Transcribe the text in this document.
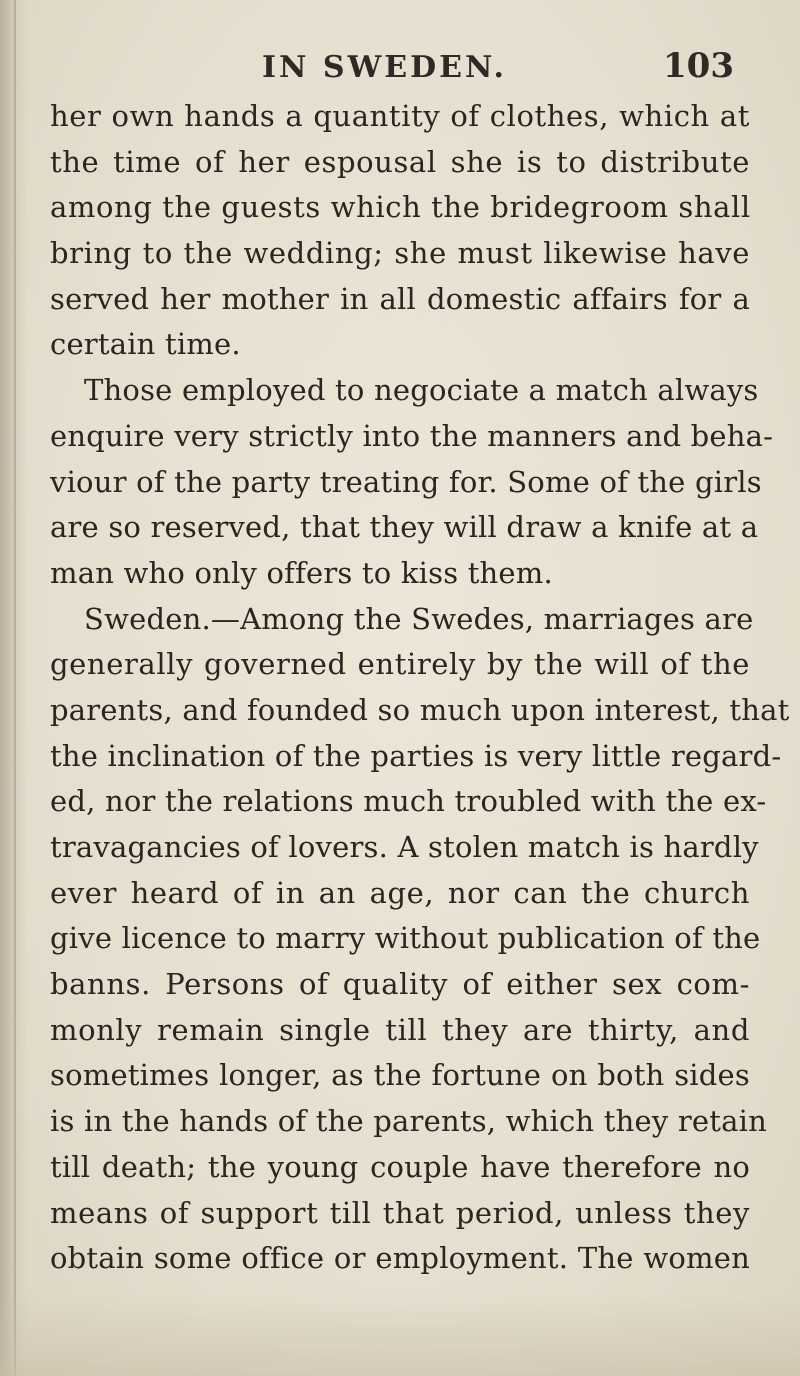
IN SWEDEN.	103
her own hands a quantity of clothes, which at
the time of her espousal she is to distribute
among the guests which the bridegroom shall
bring to the wedding; she must likewise have
served her mother in all domestic affairs for a
certain time.
Those employed to negociate a match always
enquire very strictly into the manners and beha-
viour of the party treating for. Some of the girls
are so reserved, that they will draw a knife at a
man who only offers to kiss them.
Sweden.—Among the Swedes, marriages are
generally governed entirely by the will of the
parents, and founded so much upon interest, that
the inclination of the parties is very little regard-
ed, nor the relations much troubled with the ex-
travagancies of lovers. A stolen match is hardly
ever heard of in an age, nor can the church
give licence to marry without publication of the
banns. Persons of quality of either sex com-
monly remain single till they are thirty, and
sometimes longer, as the fortune on both sides
is in the hands of the parents, which they retain
till death; the young couple have therefore no
means of support till that period, unless they
obtain some office or employment. The women
